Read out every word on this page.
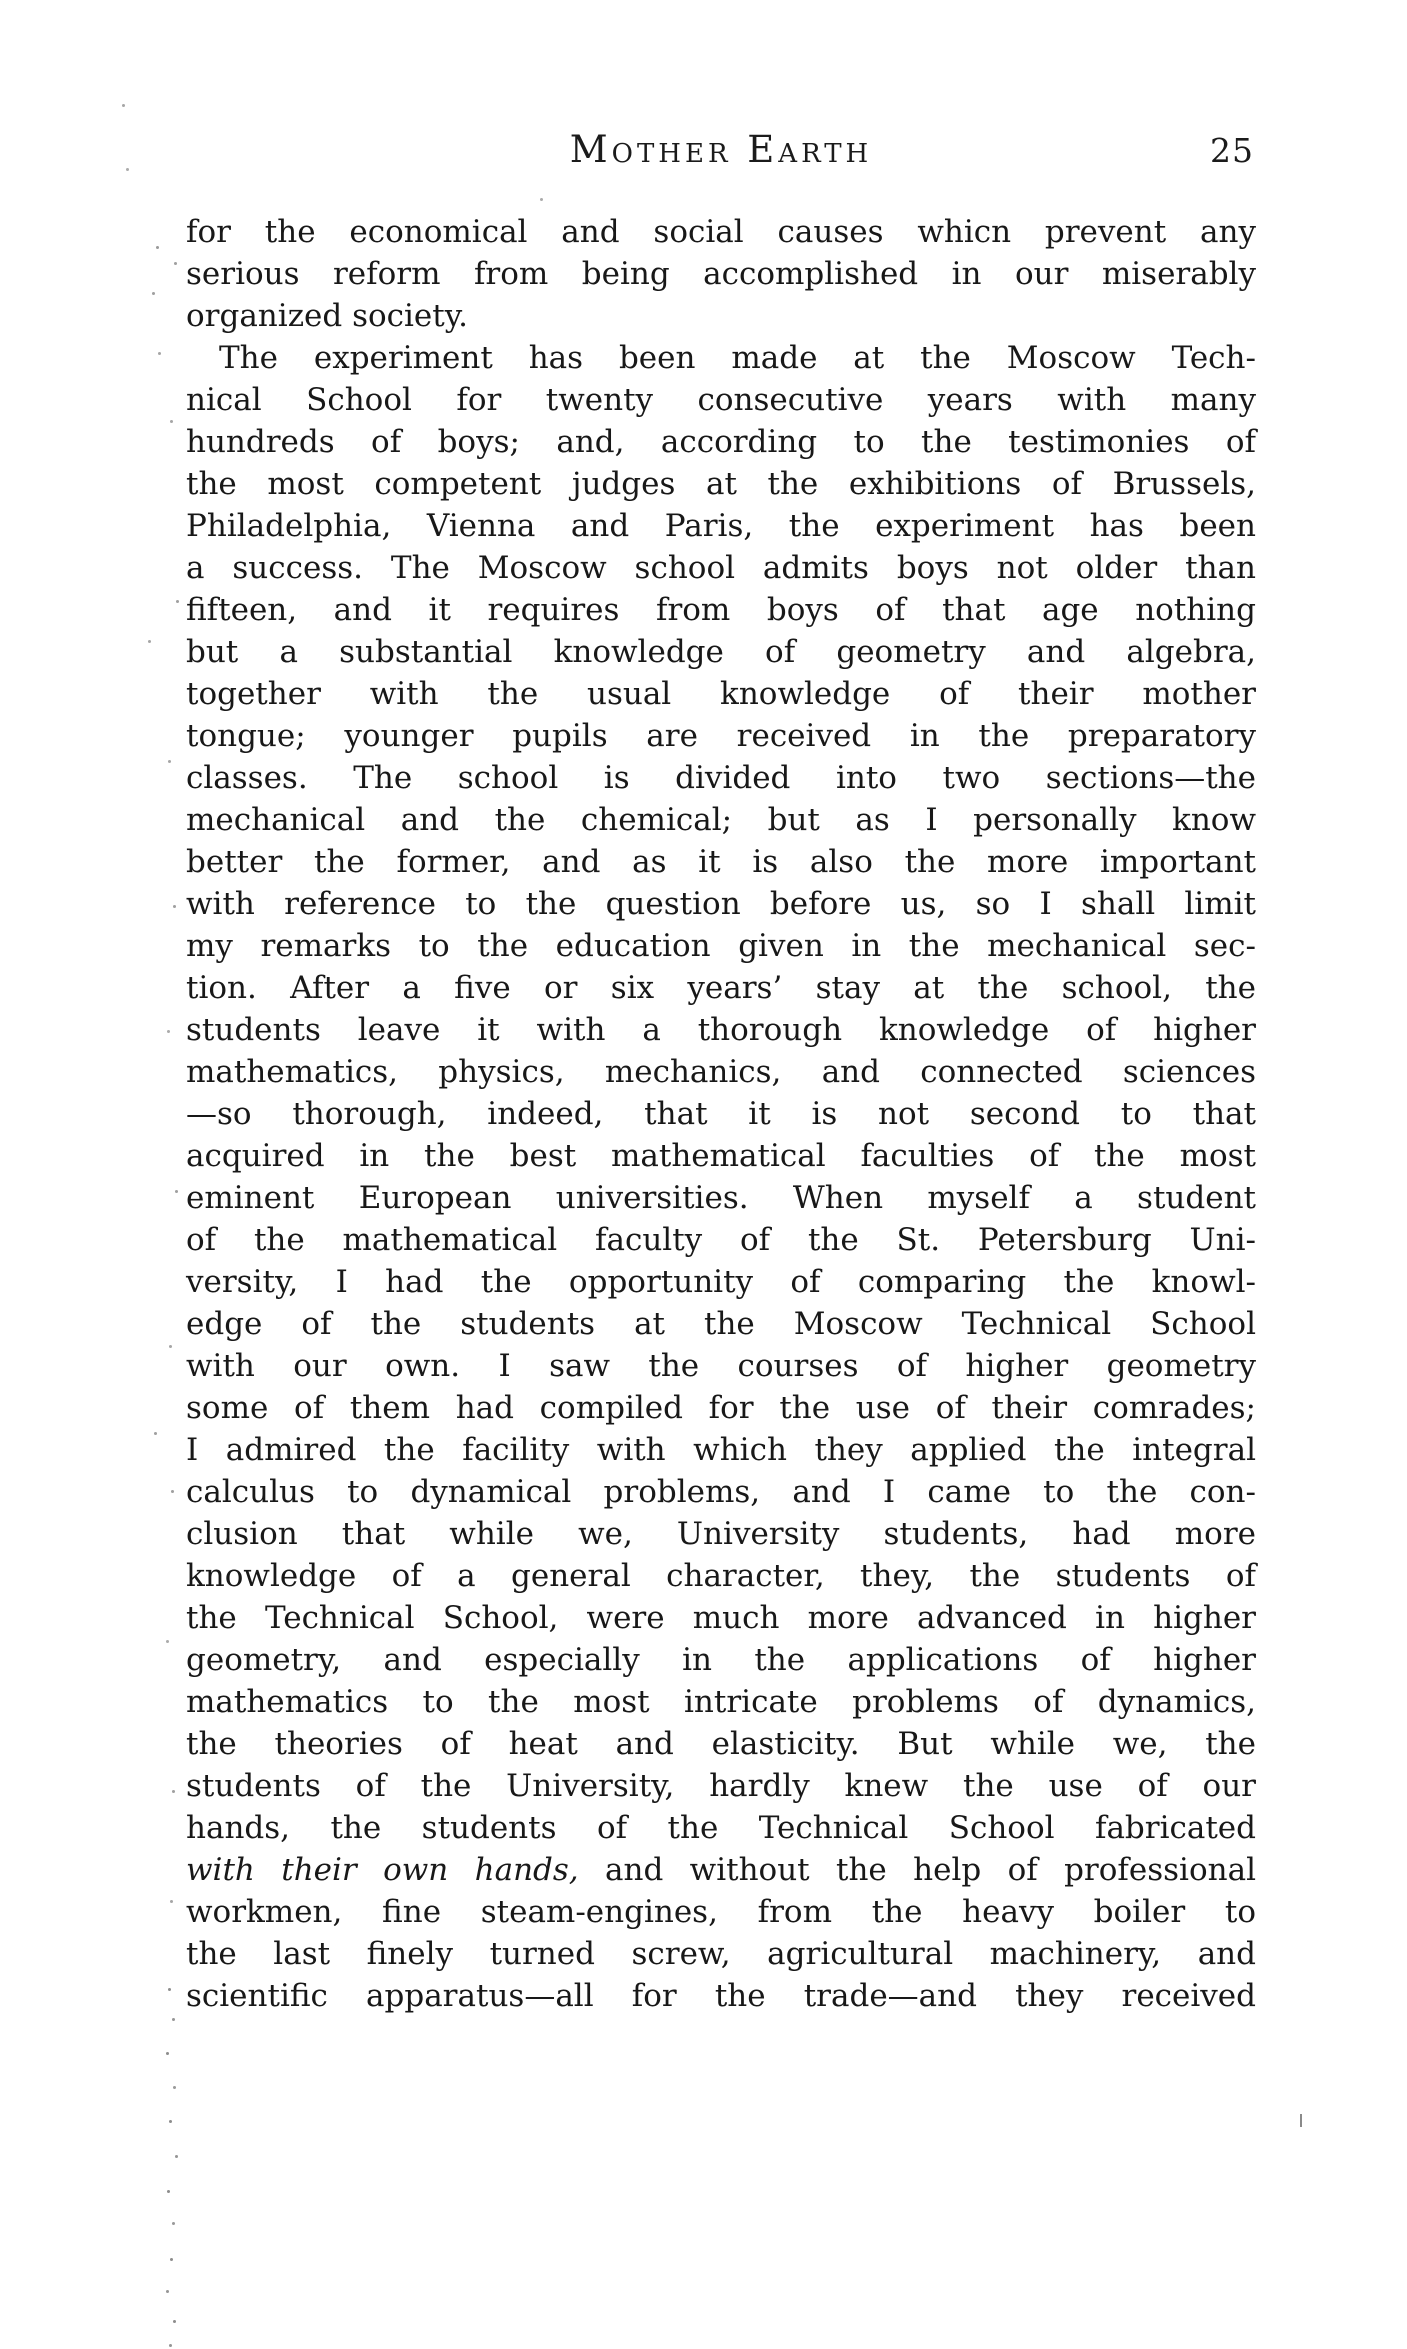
Mother Earth	25
for the economical and social causes whicn prevent any
serious reform from being accomplished in our miserably
organized society.
The experiment has been made at the Moscow Tech-
nical School for twenty consecutive years with many
hundreds of boys; and, according to the testimonies of
the most competent judges at the exhibitions of Brussels,
Philadelphia, Vienna and Paris, the experiment has been
a success. The Moscow school admits boys not older than
fifteen, and it requires from boys of that age nothing
but a substantial knowledge of geometry and algebra,
together with the usual knowledge of their mother
tongue; younger pupils are received in the preparatory
classes. The school is divided into two sections—the
mechanical and the chemical; but as I personally know
better the former, and as it is also the more important
with reference to the question before us, so I shall limit
my remarks to the education given in the mechanical sec-
tion. After a five or six years’ stay at the school, the
students leave it with a thorough knowledge of higher
mathematics, physics, mechanics, and connected sciences
—so thorough, indeed, that it is not second to that
acquired in the best mathematical faculties of the most
eminent European universities. When myself a student
of the mathematical faculty of the St. Petersburg Uni-
versity, I had the opportunity of comparing the knowl-
edge of the students at the Moscow Technical School
with our own. I saw the courses of higher geometry
some of them had compiled for the use of their comrades;
I admired the facility with which they applied the integral
calculus to dynamical problems, and I came to the con-
clusion that while we, University students, had more
knowledge of a general character, they, the students of
the Technical School, were much more advanced in higher
geometry, and especially in the applications of higher
mathematics to the most intricate problems of dynamics,
the theories of heat and elasticity. But while we, the
students of the University, hardly knew the use of our
hands, the students of the Technical School fabricated
with their own hands, and without the help of professional
workmen, fine steam-engines, from the heavy boiler to
the last finely turned screw, agricultural machinery, and
scientific apparatus—all for the trade—and they received
